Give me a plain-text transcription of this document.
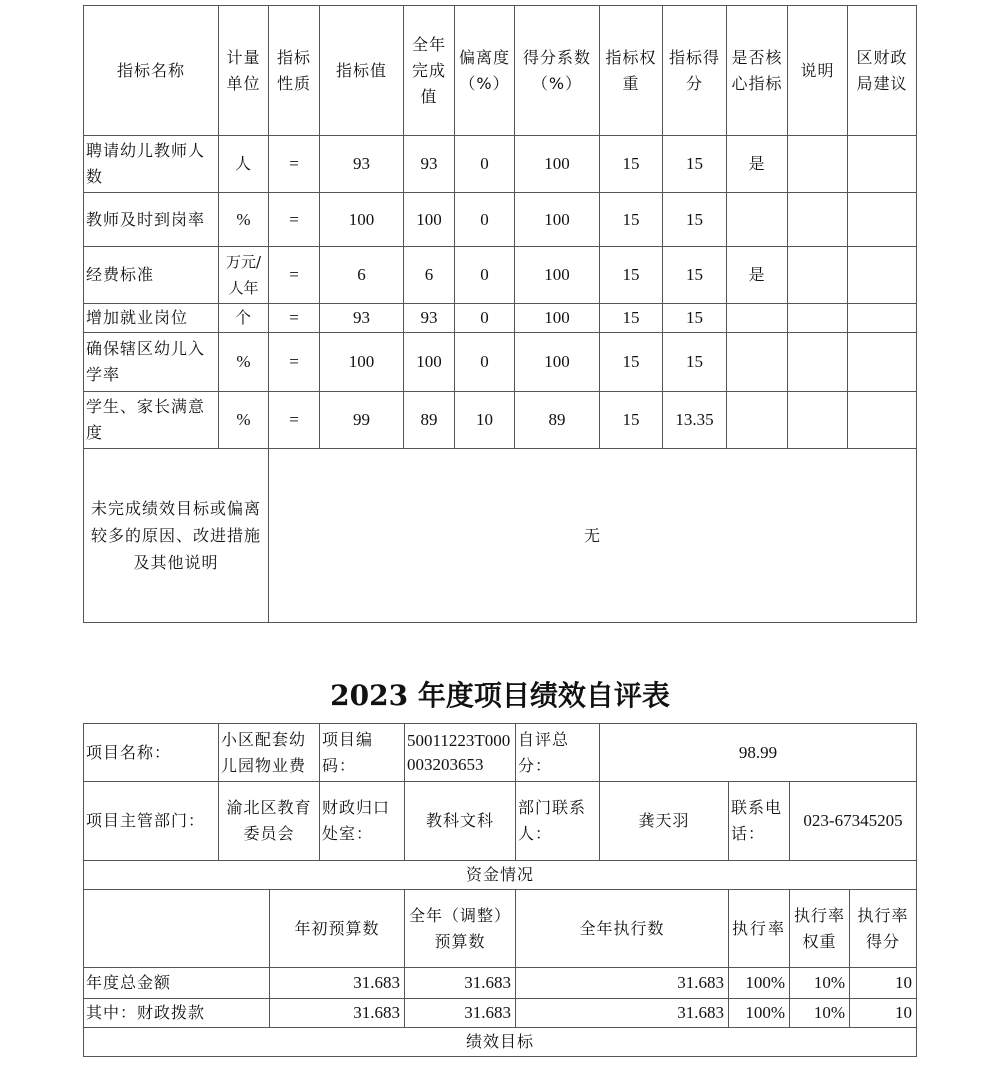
指标名称	计量单位	指标性质	指标值	全年完成值	偏离度（%）	得分系数（%）	指标权重	指标得分	是否核心指标	说明	区财政局建议
聘请幼儿教师人数	人	=	93	93	0	100	15	15	是		
教师及时到岗率	%	=	100	100	0	100	15	15			
经费标准	万元/人年	=	6	6	0	100	15	15	是		
增加就业岗位	个	=	93	93	0	100	15	15			
确保辖区幼儿入学率	%	=	100	100	0	100	15	15			
学生、家长满意度	%	=	99	89	10	89	15	13.35			
未完成绩效目标或偏离较多的原因、改进措施及其他说明		无									
2023 年度项目绩效自评表
项目名称：	小区配套幼儿园物业费		项目编码：	50011223T000003203653	自评总分：	98.99			
项目主管部门：	渝北区教育委员会		财政归口处室：	教科文科	部门联系人：	龚天羽	联系电话：	023-67345205	
资金情况									
		年初预算数		全年（调整）预算数	全年执行数		执行率	执行率权重	执行率得分
年度总金额		31.683		31.683	31.683		100%	10%	10
其中：财政拨款		31.683		31.683	31.683		100%	10%	10
绩效目标									
